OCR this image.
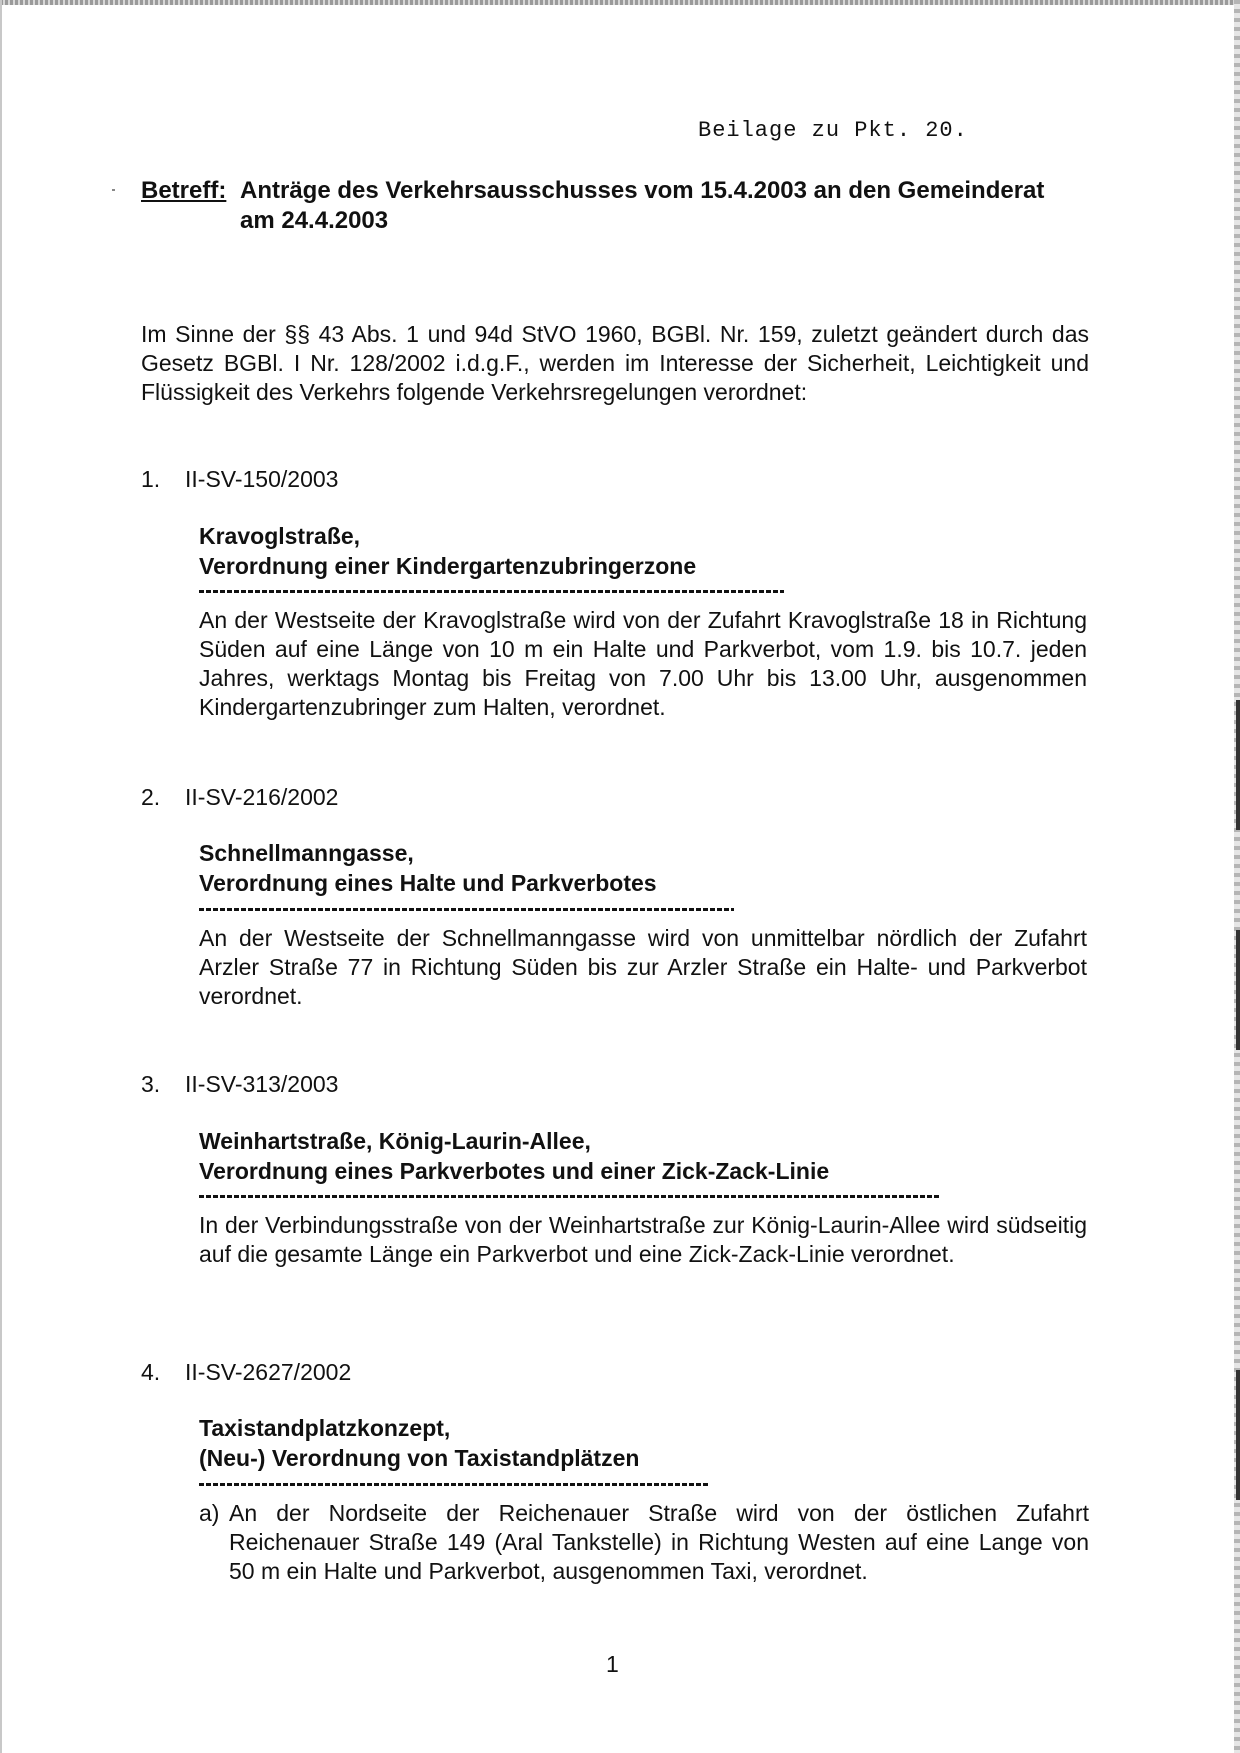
Beilage zu Pkt. 20.
Betreff: Anträge des Verkehrsausschusses vom 15.4.2003 an den Gemeinderat
am 24.4.2003
Im Sinne der §§ 43 Abs. 1 und 94d StVO 1960, BGBl. Nr. 159, zuletzt geändert durch das Gesetz BGBl. I Nr. 128/2002 i.d.g.F., werden im Interesse der Sicherheit, Leichtigkeit und Flüssigkeit des Verkehrs folgende Verkehrsregelungen verordnet:
1. II-SV-150/2003
Kravoglstraße,
Verordnung einer Kindergartenzubringerzone
An der Westseite der Kravoglstraße wird von der Zufahrt Kravoglstraße 18 in Richtung Süden auf eine Länge von 10 m ein Halte und Parkverbot, vom 1.9. bis 10.7. jeden Jahres, werktags Montag bis Freitag von 7.00 Uhr bis 13.00 Uhr, ausgenommen Kindergartenzubringer zum Halten, verordnet.
2. II-SV-216/2002
Schnellmanngasse,
Verordnung eines Halte und Parkverbotes
An der Westseite der Schnellmanngasse wird von unmittelbar nördlich der Zufahrt Arzler Straße 77 in Richtung Süden bis zur Arzler Straße ein Halte- und Parkverbot verordnet.
3. II-SV-313/2003
Weinhartstraße, König-Laurin-Allee,
Verordnung eines Parkverbotes und einer Zick-Zack-Linie
In der Verbindungsstraße von der Weinhartstraße zur König-Laurin-Allee wird südseitig auf die gesamte Länge ein Parkverbot und eine Zick-Zack-Linie verordnet.
4. II-SV-2627/2002
Taxistandplatzkonzept,
(Neu-) Verordnung von Taxistandplätzen
a) An der Nordseite der Reichenauer Straße wird von der östlichen Zufahrt Reichenauer Straße 149 (Aral Tankstelle) in Richtung Westen auf eine Lange von 50 m ein Halte und Parkverbot, ausgenommen Taxi, verordnet.
1
